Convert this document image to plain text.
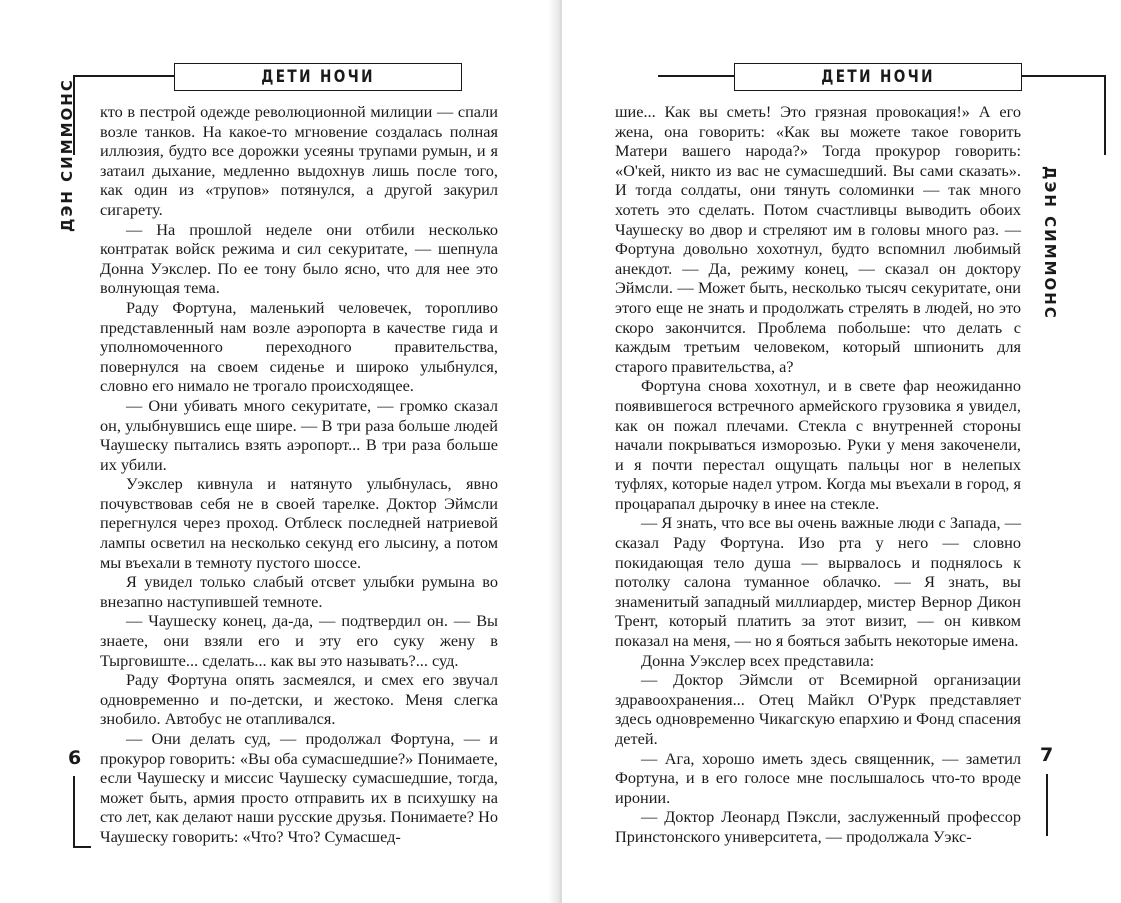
ДЕТИ НОЧИ
ДЭН СИММОНС
6

кто в пестрой одежде революционной милиции — спали возле танков. На какое-то мгновение создалась полная иллюзия, будто все дорожки усеяны трупами румын, и я затаил дыхание, медленно выдохнув лишь после того, как один из «трупов» потянулся, а другой закурил сигарету.

— На прошлой неделе они отбили несколько контратак войск режима и сил секуритате, — шепнула Донна Уэкслер. По ее тону было ясно, что для нее это волнующая тема.

Раду Фортуна, маленький человечек, торопливо представленный нам возле аэропорта в качестве гида и уполномоченного переходного правительства, повернулся на своем сиденье и широко улыбнулся, словно его нимало не трогало происходящее.

— Они убивать много секуритате, — громко сказал он, улыбнувшись еще шире. — В три раза больше людей Чаушеску пытались взять аэропорт... В три раза больше их убили.

Уэкслер кивнула и натянуто улыбнулась, явно почувствовав себя не в своей тарелке. Доктор Эймсли перегнулся через проход. Отблеск последней натриевой лампы осветил на несколько секунд его лысину, а потом мы въехали в темноту пустого шоссе.

Я увидел только слабый отсвет улыбки румына во внезапно наступившей темноте.

— Чаушеску конец, да-да, — подтвердил он. — Вы знаете, они взяли его и эту его суку жену в Тырговиште... сделать... как вы это называть?... суд.

Раду Фортуна опять засмеялся, и смех его звучал одновременно и по-детски, и жестоко. Меня слегка знобило. Автобус не отапливался.

— Они делать суд, — продолжал Фортуна, — и прокурор говорить: «Вы оба сумасшедшие?» Понимаете, если Чаушеску и миссис Чаушеску сумасшедшие, тогда, может быть, армия просто отправить их в психушку на сто лет, как делают наши русские друзья. Понимаете? Но Чаушеску говорить: «Что? Что? Сумасшед-

ДЕТИ НОЧИ
ДЭН СИММОНС
7

шие... Как вы сметь! Это грязная провокация!» А его жена, она говорить: «Как вы можете такое говорить Матери вашего народа?» Тогда прокурор говорить: «О'кей, никто из вас не сумасшедший. Вы сами сказать». И тогда солдаты, они тянуть соломинки — так много хотеть это сделать. Потом счастливцы выводить обоих Чаушеску во двор и стреляют им в головы много раз. — Фортуна довольно хохотнул, будто вспомнил любимый анекдот. — Да, режиму конец, — сказал он доктору Эймсли. — Может быть, несколько тысяч секуритате, они этого еще не знать и продолжать стрелять в людей, но это скоро закончится. Проблема побольше: что делать с каждым третьим человеком, который шпионить для старого правительства, а?

Фортуна снова хохотнул, и в свете фар неожиданно появившегося встречного армейского грузовика я увидел, как он пожал плечами. Стекла с внутренней стороны начали покрываться изморозью. Руки у меня закоченели, и я почти перестал ощущать пальцы ног в нелепых туфлях, которые надел утром. Когда мы въехали в город, я процарапал дырочку в инее на стекле.

— Я знать, что все вы очень важные люди с Запада, — сказал Раду Фортуна. Изо рта у него — словно покидающая тело душа — вырвалось и поднялось к потолку салона туманное облачко. — Я знать, вы знаменитый западный миллиардер, мистер Вернор Дикон Трент, который платить за этот визит, — он кивком показал на меня, — но я бояться забыть некоторые имена.

Донна Уэкслер всех представила:

— Доктор Эймсли от Всемирной организации здравоохранения... Отец Майкл О'Рурк представляет здесь одновременно Чикагскую епархию и Фонд спасения детей.

— Ага, хорошо иметь здесь священник, — заметил Фортуна, и в его голосе мне послышалось что-то вроде иронии.

— Доктор Леонард Пэксли, заслуженный профессор Принстонского университета, — продолжала Уэкс-
